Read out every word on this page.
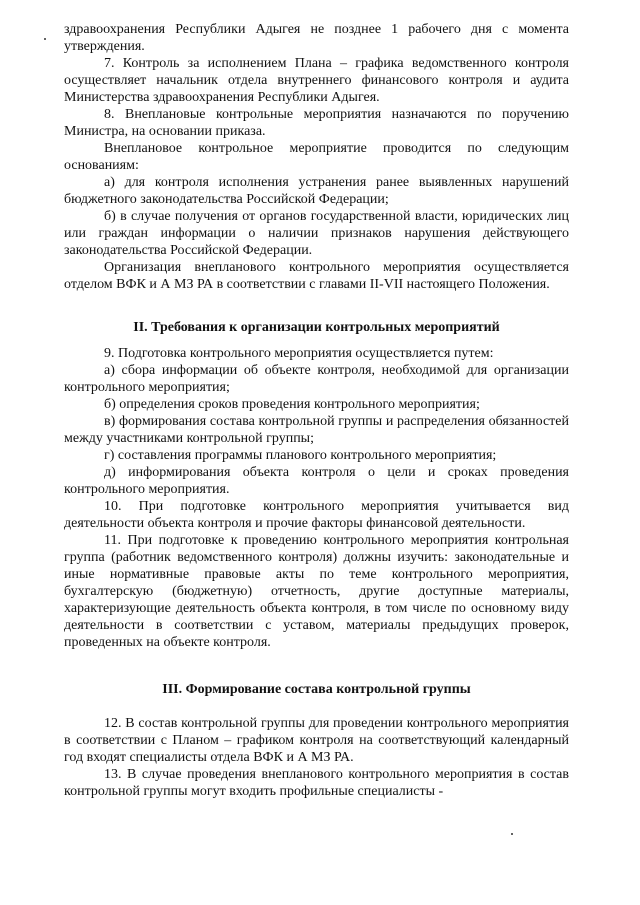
здравоохранения Республики Адыгея не позднее 1 рабочего дня с момента утверждения.

7. Контроль за исполнением Плана – графика ведомственного контроля осуществляет начальник отдела внутреннего финансового контроля и аудита Министерства здравоохранения Республики Адыгея.

8. Внеплановые контрольные мероприятия назначаются по поручению Министра, на основании приказа.

Внеплановое контрольное мероприятие проводится по следующим основаниям:

а) для контроля исполнения устранения ранее выявленных нарушений бюджетного законодательства Российской Федерации;

б) в случае получения от органов государственной власти, юридических лиц или граждан информации о наличии признаков нарушения действующего законодательства Российской Федерации.

Организация внепланового контрольного мероприятия осуществляется отделом ВФК и А МЗ РА в соответствии с главами II-VII настоящего Положения.

II. Требования к организации контрольных мероприятий

9. Подготовка контрольного мероприятия осуществляется путем:

а) сбора информации об объекте контроля, необходимой для организации контрольного мероприятия;

б) определения сроков проведения контрольного мероприятия;

в) формирования состава контрольной группы и распределения обязанностей между участниками контрольной группы;

г) составления программы планового контрольного мероприятия;

д) информирования объекта контроля о цели и сроках проведения контрольного мероприятия.

10. При подготовке контрольного мероприятия учитывается вид деятельности объекта контроля и прочие факторы финансовой деятельности.

11. При подготовке к проведению контрольного мероприятия контрольная группа (работник ведомственного контроля) должны изучить: законодательные и иные нормативные правовые акты по теме контрольного мероприятия, бухгалтерскую (бюджетную) отчетность, другие доступные материалы, характеризующие деятельность объекта контроля, в том числе по основному виду деятельности в соответствии с уставом, материалы предыдущих проверок, проведенных на объекте контроля.

III. Формирование состава контрольной группы

12. В состав контрольной группы для проведении контрольного мероприятия в соответствии с Планом – графиком контроля на соответствующий календарный год входят специалисты отдела ВФК и А МЗ РА.

13. В случае проведения внепланового контрольного мероприятия в состав контрольной группы могут входить профильные специалисты -
